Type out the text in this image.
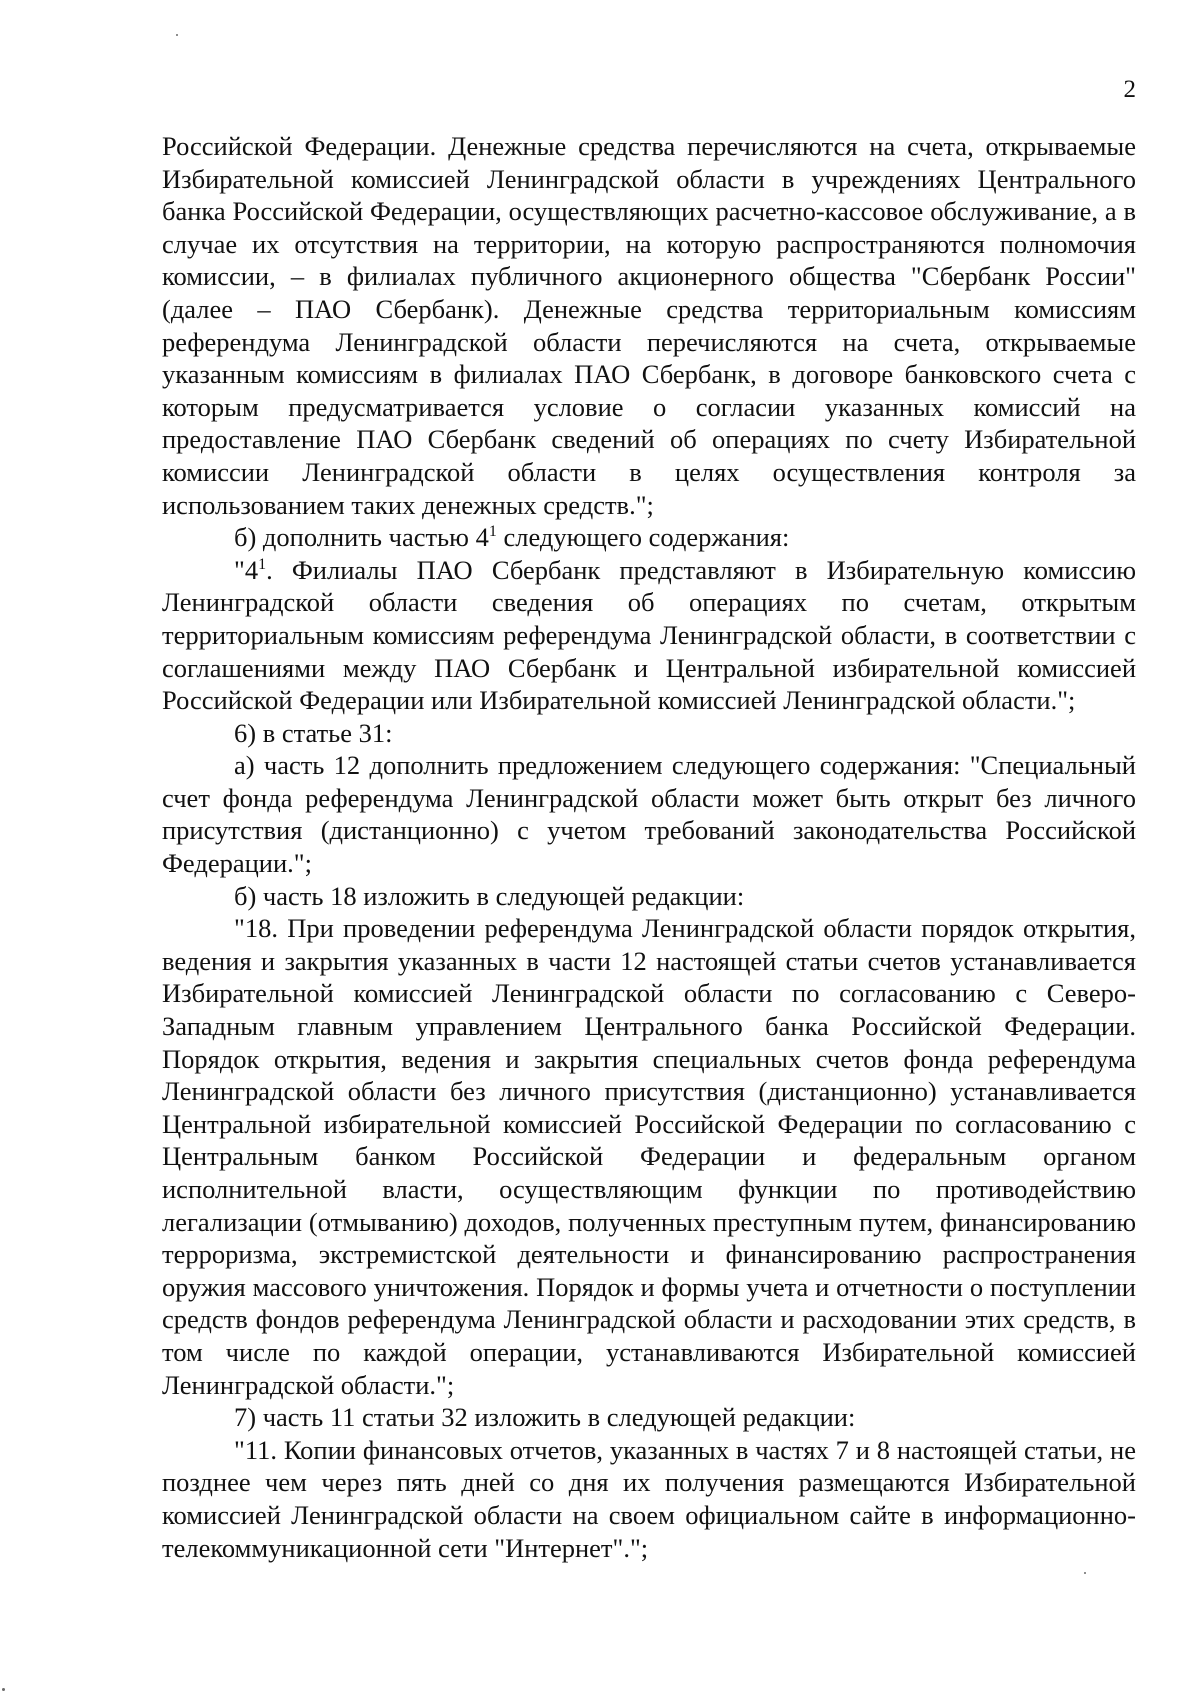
2

Российской Федерации. Денежные средства перечисляются на счета, открываемые Избирательной комиссией Ленинградской области в учреждениях Центрального банка Российской Федерации, осуществляющих расчетно-кассовое обслуживание, а в случае их отсутствия на территории, на которую распространяются полномочия комиссии, – в филиалах публичного акционерного общества "Сбербанк России" (далее – ПАО Сбербанк). Денежные средства территориальным комиссиям референдума Ленинградской области перечисляются на счета, открываемые указанным комиссиям в филиалах ПАО Сбербанк, в договоре банковского счета с которым предусматривается условие о согласии указанных комиссий на предоставление ПАО Сбербанк сведений об операциях по счету Избирательной комиссии Ленинградской области в целях осуществления контроля за использованием таких денежных средств.";

б) дополнить частью $4^1$ следующего содержания:

"$4^1$. Филиалы ПАО Сбербанк представляют в Избирательную комиссию Ленинградской области сведения об операциях по счетам, открытым территориальным комиссиям референдума Ленинградской области, в соответствии с соглашениями между ПАО Сбербанк и Центральной избирательной комиссией Российской Федерации или Избирательной комиссией Ленинградской области.";

6) в статье 31:

а) часть 12 дополнить предложением следующего содержания: "Специальный счет фонда референдума Ленинградской области может быть открыт без личного присутствия (дистанционно) с учетом требований законодательства Российской Федерации.";

б) часть 18 изложить в следующей редакции:

"18. При проведении референдума Ленинградской области порядок открытия, ведения и закрытия указанных в части 12 настоящей статьи счетов устанавливается Избирательной комиссией Ленинградской области по согласованию с Северо-Западным главным управлением Центрального банка Российской Федерации. Порядок открытия, ведения и закрытия специальных счетов фонда референдума Ленинградской области без личного присутствия (дистанционно) устанавливается Центральной избирательной комиссией Российской Федерации по согласованию с Центральным банком Российской Федерации и федеральным органом исполнительной власти, осуществляющим функции по противодействию легализации (отмыванию) доходов, полученных преступным путем, финансированию терроризма, экстремистской деятельности и финансированию распространения оружия массового уничтожения. Порядок и формы учета и отчетности о поступлении средств фондов референдума Ленинградской области и расходовании этих средств, в том числе по каждой операции, устанавливаются Избирательной комиссией Ленинградской области.";

7) часть 11 статьи 32 изложить в следующей редакции:

"11. Копии финансовых отчетов, указанных в частях 7 и 8 настоящей статьи, не позднее чем через пять дней со дня их получения размещаются Избирательной комиссией Ленинградской области на своем официальном сайте в информационно-телекоммуникационной сети "Интернет".";
